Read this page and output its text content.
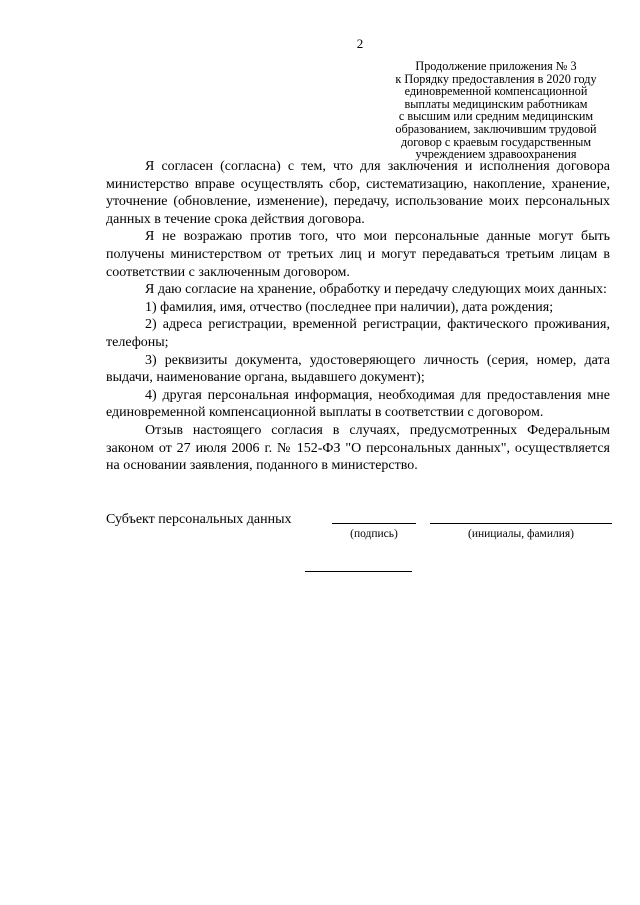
2
Продолжение приложения № 3
к Порядку предоставления в 2020 году
единовременной компенсационной
выплаты медицинским работникам
с высшим или средним медицинским
образованием, заключившим трудовой
договор с краевым государственным
учреждением здравоохранения

Я согласен (согласна) с тем, что для заключения и исполнения договора министерство вправе осуществлять сбор, систематизацию, накопление, хранение, уточнение (обновление, изменение), передачу, использование моих персональных данных в течение срока действия договора.

Я не возражаю против того, что мои персональные данные могут быть получены министерством от третьих лиц и могут передаваться третьим лицам в соответствии с заключенным договором.

Я даю согласие на хранение, обработку и передачу следующих моих данных:

1) фамилия, имя, отчество (последнее при наличии), дата рождения;

2) адреса регистрации, временной регистрации, фактического проживания, телефоны;

3) реквизиты документа, удостоверяющего личность (серия, номер, дата выдачи, наименование органа, выдавшего документ);

4) другая персональная информация, необходимая для предоставления мне единовременной компенсационной выплаты в соответствии с договором.

Отзыв настоящего согласия в случаях, предусмотренных Федеральным законом от 27 июля 2006 г. № 152-ФЗ "О персональных данных", осуществляется на основании заявления, поданного в министерство.

Субъект персональных данных
(подпись)	(инициалы, фамилия)
